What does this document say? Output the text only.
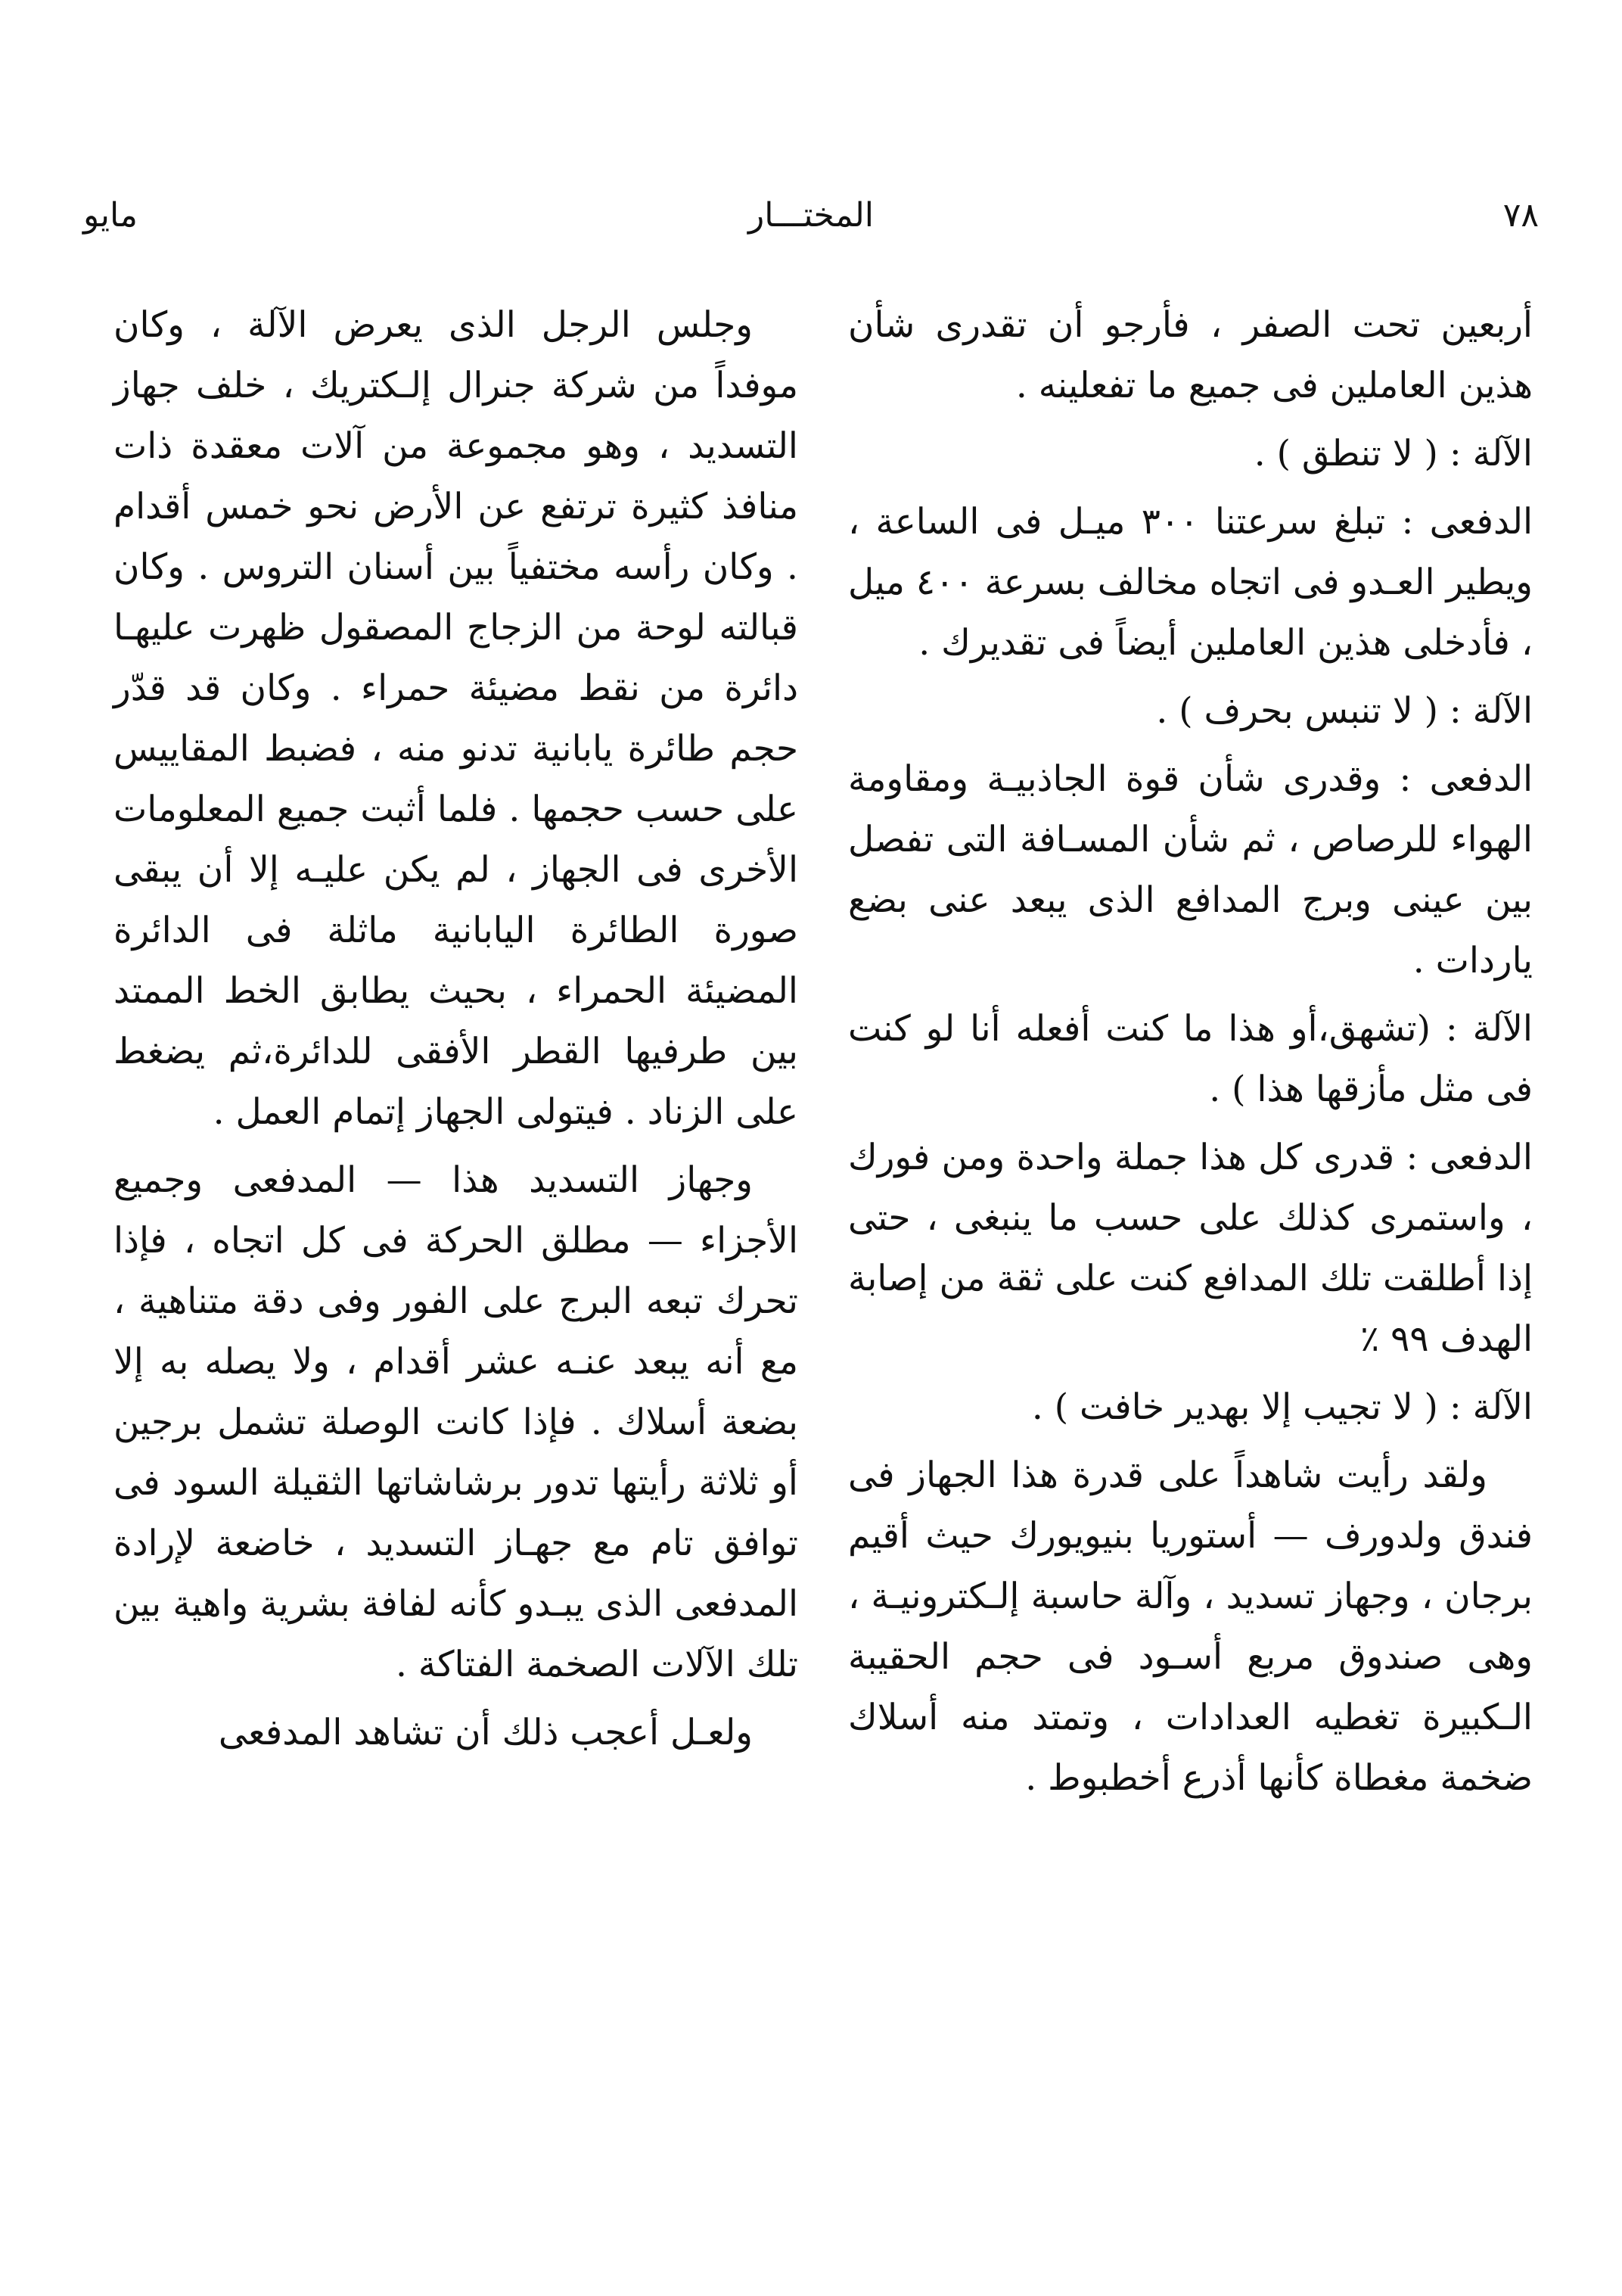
مايو	المختـــار	٧٨

أربعين تحت الصفر ، فأرجو أن تقدرى شأن هذين العاملين فى جميع ما تفعلينه .

الآلة : ( لا تنطق ) .

الدفعى : تبلغ سرعتنا ٣٠٠ ميـل فى الساعة ، ويطير العـدو فى اتجاه مخالف بسرعة ٤٠٠ ميل ، فأدخلى هذين العاملين أيضاً فى تقديرك .

الآلة : ( لا تنبس بحرف ) .

الدفعى : وقدرى شأن قوة الجاذبيـة ومقاومة الهواء للرصاص ، ثم شأن المسـافة التى تفصل بين عينى وبرج المدافع الذى يبعد عنى بضع ياردات .

الآلة : (تشهق،أو هذا ما كنت أفعله أنا لو كنت فى مثل مأزقها هذا ) .

الدفعى : قدرى كل هذا جملة واحدة ومن فورك ، واستمرى كذلك على حسب ما ينبغى ، حتى إذا أطلقت تلك المدافع كنت على ثقة من إصابة الهدف ٩٩ ٪

الآلة : ( لا تجيب إلا بهدير خافت ) .

ولقد رأيت شاهداً على قدرة هذا الجهاز فى فندق ولدورف — أستوريا بنيويورك حيث أقيم برجان ، وجهاز تسديد ، وآلة حاسبة إلـكترونيـة ، وهى صندوق مربع أسـود فى حجم الحقيبة الـكبيرة تغطيه العدادات ، وتمتد منه أسلاك ضخمة مغطاة كأنها أذرع أخطبوط .

وجلس الرجل الذى يعرض الآلة ، وكان موفداً من شركة جنرال إلـكتريك ، خلف جهاز التسديد ، وهو مجموعة من آلات معقدة ذات منافذ كثيرة ترتفع عن الأرض نحو خمس أقدام . وكان رأسه مختفياً بين أسنان التروس . وكان قبالته لوحة من الزجاج المصقول ظهرت عليهـا دائرة من نقط مضيئة حمراء . وكان قد قدّر حجم طائرة يابانية تدنو منه ، فضبط المقاييس على حسب حجمها . فلما أثبت جميع المعلومات الأخرى فى الجهاز ، لم يكن عليـه إلا أن يبقى صورة الطائرة اليابانية ماثلة فى الدائرة المضيئة الحمراء ، بحيث يطابق الخط الممتد بين طرفيها القطر الأفقى للدائرة،ثم يضغط على الزناد . فيتولى الجهاز إتمام العمل .

وجهاز التسديد هذا — المدفعى وجميع الأجزاء — مطلق الحركة فى كل اتجاه ، فإذا تحرك تبعه البرج على الفور وفى دقة متناهية ، مع أنه يبعد عنـه عشر أقدام ، ولا يصله به إلا بضعة أسلاك . فإذا كانت الوصلة تشمل برجين أو ثلاثة رأيتها تدور برشاشاتها الثقيلة السود فى توافق تام مع جهـاز التسديد ، خاضعة لإرادة المدفعى الذى يبـدو كأنه لفافة بشرية واهية بين تلك الآلات الصخمة الفتاكة .

ولعـل أعجب ذلك أن تشاهد المدفعى
